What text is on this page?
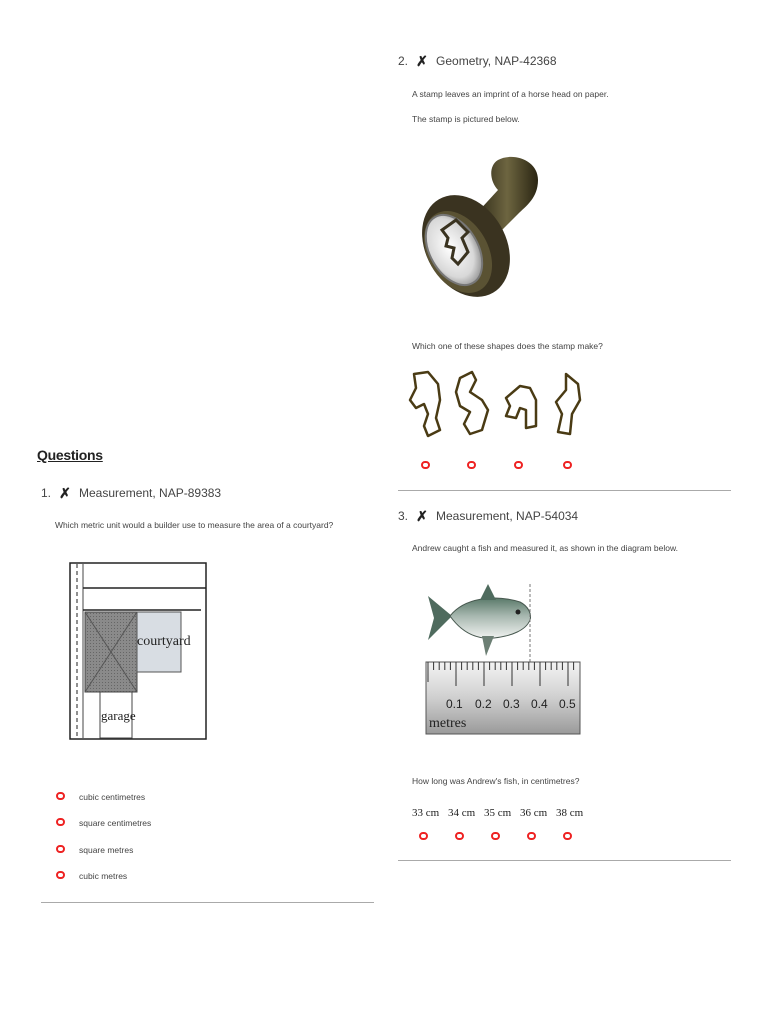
2. ✗ Geometry, NAP-42368
A stamp leaves an imprint of a horse head on paper.
The stamp is pictured below.
Which one of these shapes does the stamp make?
3. ✗ Measurement, NAP-54034
Andrew caught a fish and measured it, as shown in the diagram below.
0.1 0.2 0.3 0.4 0.5
metres
How long was Andrew's fish, in centimetres?
33 cm 34 cm 35 cm 36 cm 38 cm
Questions
1. ✗ Measurement, NAP-89383
Which metric unit would a builder use to measure the area of a courtyard?
courtyard
garage
cubic centimetres
square centimetres
square metres
cubic metres
